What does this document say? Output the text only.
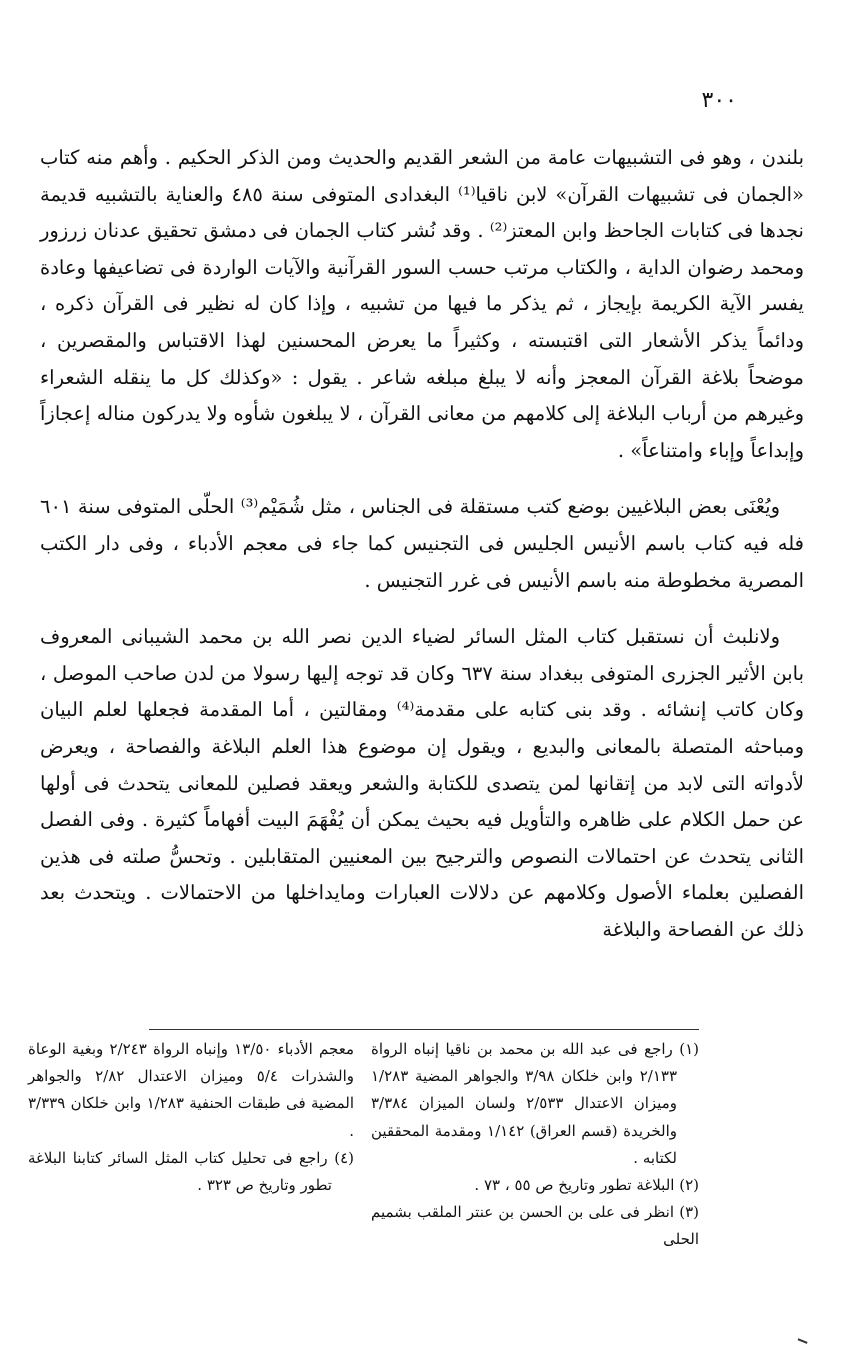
٣٠٠

بلندن ، وهو فى التشبيهات عامة من الشعر القديم والحديث ومن الذكر الحكيم . وأهم منه كتاب «الجمان فى تشبيهات القرآن» لابن ناقيا⁽¹⁾ البغدادى المتوفى سنة ٤٨٥ والعناية بالتشبيه قديمة نجدها فى كتابات الجاحظ وابن المعتز⁽²⁾ . وقد نُشر كتاب الجمان فى دمشق تحقيق عدنان زرزور ومحمد رضوان الداية ، والكتاب مرتب حسب السور القرآنية والآيات الواردة فى تضاعيفها وعادة يفسر الآية الكريمة بإيجاز ، ثم يذكر ما فيها من تشبيه ، وإذا كان له نظير فى القرآن ذكره ، ودائماً يذكر الأشعار التى اقتبسته ، وكثيراً ما يعرض المحسنين لهذا الاقتباس والمقصرين ، موضحاً بلاغة القرآن المعجز وأنه لا يبلغ مبلغه شاعر . يقول : «وكذلك كل ما ينقله الشعراء وغيرهم من أرباب البلاغة إلى كلامهم من معانى القرآن ، لا يبلغون شأوه ولا يدركون مناله إعجازاً وإبداعاً وإباء وامتناعاً» .

ويُعْنَى بعض البلاغيين بوضع كتب مستقلة فى الجناس ، مثل شُمَيْم⁽³⁾ الحلّى المتوفى سنة ٦٠١ فله فيه كتاب باسم الأنيس الجليس فى التجنيس كما جاء فى معجم الأدباء ، وفى دار الكتب المصرية مخطوطة منه باسم الأنيس فى غرر التجنيس .

ولانلبث أن نستقبل كتاب المثل السائر لضياء الدين نصر الله بن محمد الشيبانى المعروف بابن الأثير الجزرى المتوفى ببغداد سنة ٦٣٧ وكان قد توجه إليها رسولا من لدن صاحب الموصل ، وكان كاتب إنشائه . وقد بنى كتابه على مقدمة⁽⁴⁾ ومقالتين ، أما المقدمة فجعلها لعلم البيان ومباحثه المتصلة بالمعانى والبديع ، ويقول إن موضوع هذا العلم البلاغة والفصاحة ، ويعرض لأدواته التى لابد من إتقانها لمن يتصدى للكتابة والشعر ويعقد فصلين للمعانى يتحدث فى أولها عن حمل الكلام على ظاهره والتأويل فيه بحيث يمكن أن يُفْهَمَ البيت أفهاماً كثيرة . وفى الفصل الثانى يتحدث عن احتمالات النصوص والترجيح بين المعنيين المتقابلين . وتحسُّ صلته فى هذين الفصلين بعلماء الأصول وكلامهم عن دلالات العبارات ومايداخلها من الاحتمالات . ويتحدث بعد ذلك عن الفصاحة والبلاغة

(١) راجع فى عبد الله بن محمد بن ناقيا إنباه الرواة ٢/١٣٣ وابن خلكان ٣/٩٨ والجواهر المضية ١/٢٨٣ وميزان الاعتدال ٢/٥٣٣ ولسان الميزان ٣/٣٨٤ والخريدة (قسم العراق) ١/١٤٢ ومقدمة المحققين لكتابه .

(٢) البلاغة تطور وتاريخ ص ٥٥ ، ٧٣ .

(٣) انظر فى على بن الحسن بن عنتر الملقب بشميم الحلى

معجم الأدباء ١٣/٥٠ وإنباه الرواة ٢/٢٤٣ وبغية الوعاة والشذرات ٥/٤ وميزان الاعتدال ٢/٨٢ والجواهر المضية فى طبقات الحنفية ١/٢٨٣ وابن خلكان ٣/٣٣٩ .

(٤) راجع فى تحليل كتاب المثل السائر كتابنا البلاغة تطور وتاريخ ص ٣٢٣ .
